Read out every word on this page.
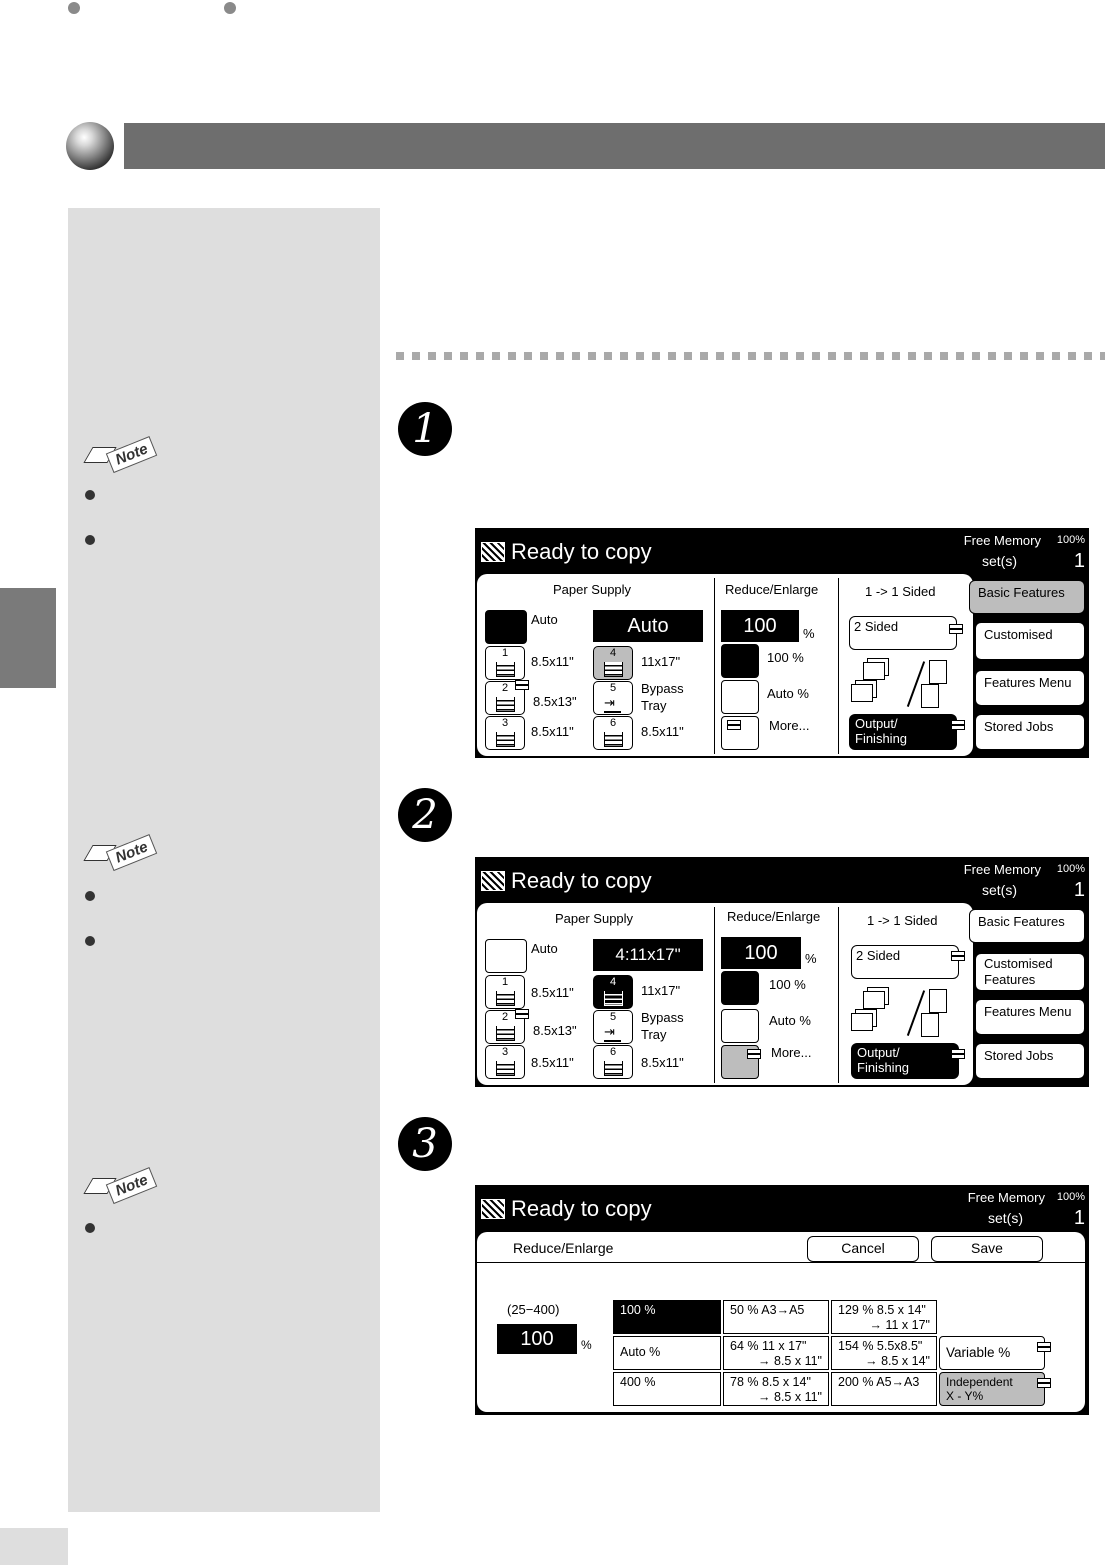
Note
Note
Note
1
2
3
Ready to copy	Free Memory 100%
set(s)	1
Paper Supply	Reduce/Enlarge	1 -> 1 Sided
Auto	Auto
1
8.5x11"
2
8.5x13"
3
8.5x11"
4
11x17"
5
⇥
Bypass Tray
6
8.5x11"
100	%
100 %
Auto %
More...
2 Sided
Output/
Finishing
Basic Features
Customised
Features Menu
Stored Jobs
Ready to copy	Free Memory 100%
set(s)	1
Paper Supply	Reduce/Enlarge	1 -> 1 Sided
Auto	4:11x17"
1
8.5x11"
2
8.5x13"
3
8.5x11"
4
11x17"
5
⇥
Bypass Tray
6
8.5x11"
100	%
100 %
Auto %
More...
2 Sided
Output/
Finishing
Basic Features
Customised Features
Features Menu
Stored Jobs
Ready to copy	Free Memory 100%
set(s)	1
Reduce/Enlarge	Cancel	Save
(25−400)
100	%
100 %
Auto %
400 %
50 % A3→A5
64 % 11 x 17"
→ 8.5 x 11"
78 % 8.5 x 14"
→ 8.5 x 11"
129 % 8.5 x 14"
→ 11 x 17"
154 % 5.5x8.5"
→ 8.5 x 14"
200 % A5→A3
Variable %
Independent
X - Y%
